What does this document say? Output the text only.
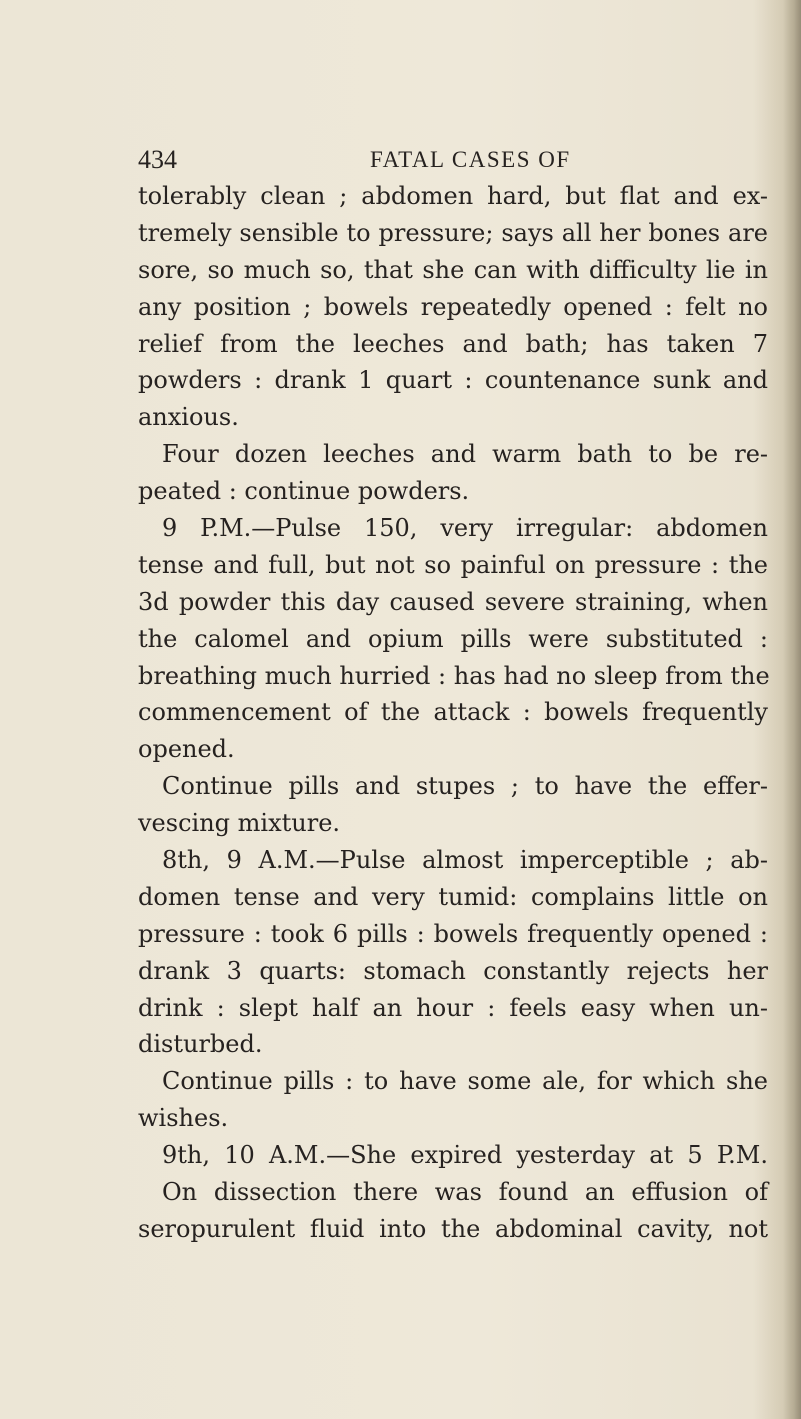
434	FATAL CASES OF
tolerably clean ; abdomen hard, but flat and ex-
tremely sensible to pressure; says all her bones are
sore, so much so, that she can with difficulty lie in
any position ; bowels repeatedly opened : felt no
relief from the leeches and bath; has taken 7
powders : drank 1 quart : countenance sunk and
anxious.
Four dozen leeches and warm bath to be re-
peated : continue powders.
9 P.M.—Pulse 150, very irregular: abdomen
tense and full, but not so painful on pressure : the
3d powder this day caused severe straining, when
the calomel and opium pills were substituted :
breathing much hurried : has had no sleep from the
commencement of the attack : bowels frequently
opened.
Continue pills and stupes ; to have the effer-
vescing mixture.
8th, 9 A.M.—Pulse almost imperceptible ; ab-
domen tense and very tumid: complains little on
pressure : took 6 pills : bowels frequently opened :
drank 3 quarts: stomach constantly rejects her
drink : slept half an hour : feels easy when un-
disturbed.
Continue pills : to have some ale, for which she
wishes.
9th, 10 A.M.—She expired yesterday at 5 P.M.
On dissection there was found an effusion of
seropurulent fluid into the abdominal cavity, not
